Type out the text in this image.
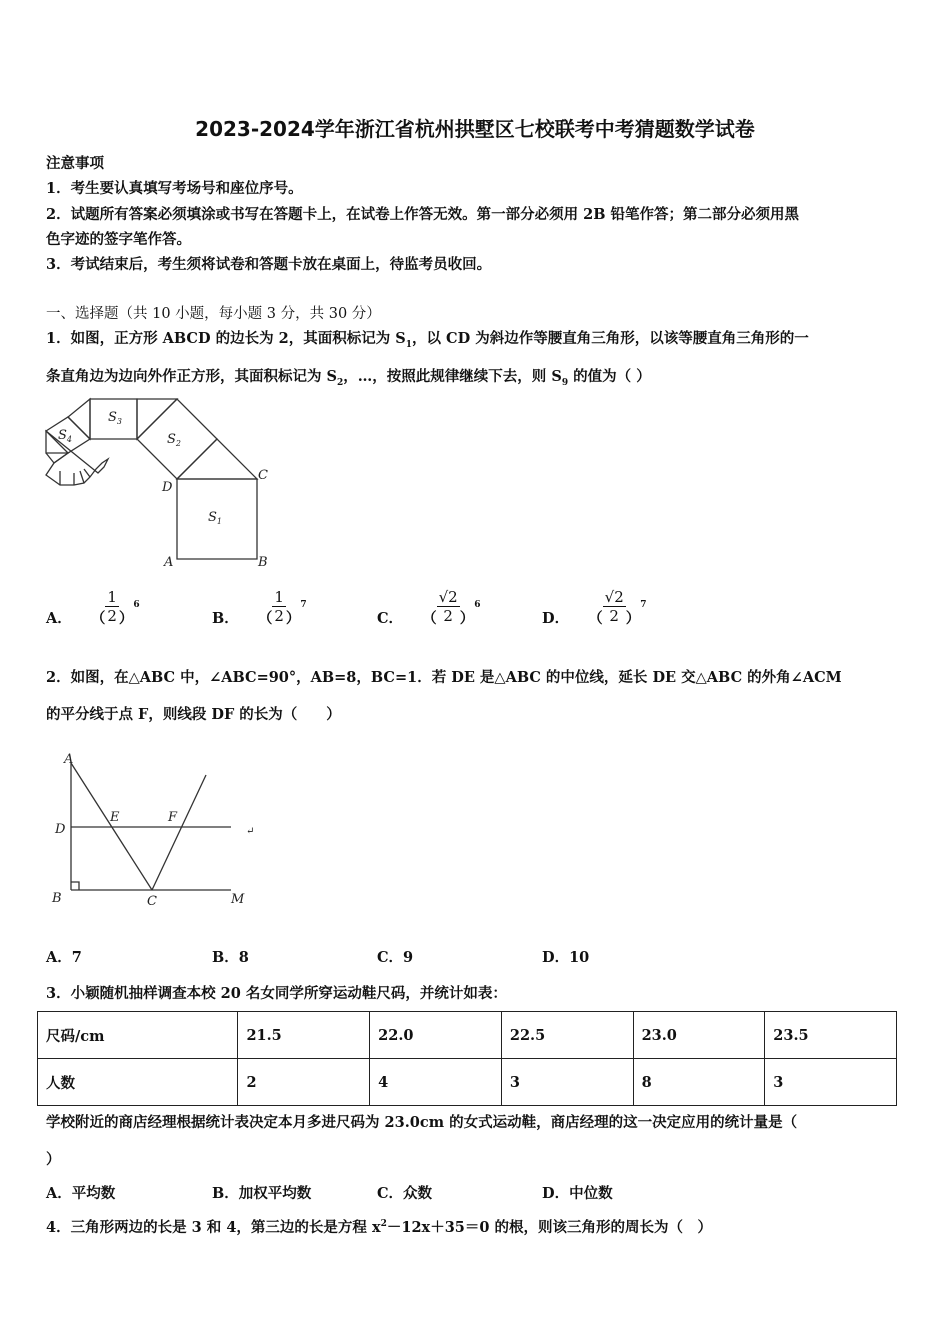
2023-2024学年浙江省杭州拱墅区七校联考中考猜题数学试卷
注意事项
1．考生要认真填写考场号和座位序号。
2．试题所有答案必须填涂或书写在答题卡上，在试卷上作答无效。第一部分必须用 2B 铅笔作答；第二部分必须用黑
色字迹的签字笔作答。
3．考试结束后，考生须将试卷和答题卡放在桌面上，待监考员收回。
一、选择题（共 10 小题，每小题 3 分，共 30 分）
1．如图，正方形 ABCD 的边长为 2，其面积标记为 $S_1$，以 CD 为斜边作等腰直角三角形，以该等腰直角三角形的一
条直角边为边向外作正方形，其面积标记为 $S_2$，…，按照此规律继续下去，则 $S_9$ 的值为（ ）
$S_1$
$S_2$
$S_3$
$S_4$
A	B
C
D
A． （ $\frac{1}{2} )^6$
B． （ $\frac{1}{2} )^7$
C． （ $\frac{√2}{2} )^6$
D． （ $\frac{√2}{2} )^7$
2．如图，在△ABC 中，∠ABC=90°，AB=8，BC=1．若 DE 是△ABC 的中位线，延长 DE 交△ABC 的外角∠ACM
的平分线于点 F，则线段 DF 的长为（　　）
A
D
E	F
B	C	M
↵
A．7	B．8	C．9	D．10
3．小颖随机抽样调查本校 20 名女同学所穿运动鞋尺码，并统计如表：
尺码/cm	21.5	22.0	22.5	23.0	23.5
人数	2	4	3	8	3
学校附近的商店经理根据统计表决定本月多进尺码为 23.0cm 的女式运动鞋，商店经理的这一决定应用的统计量是（
）
A．平均数	B．加权平均数	C．众数	D．中位数
4．三角形两边的长是 3 和 4，第三边的长是方程 $x^2-12x+35=0$ 的根，则该三角形的周长为（　）
